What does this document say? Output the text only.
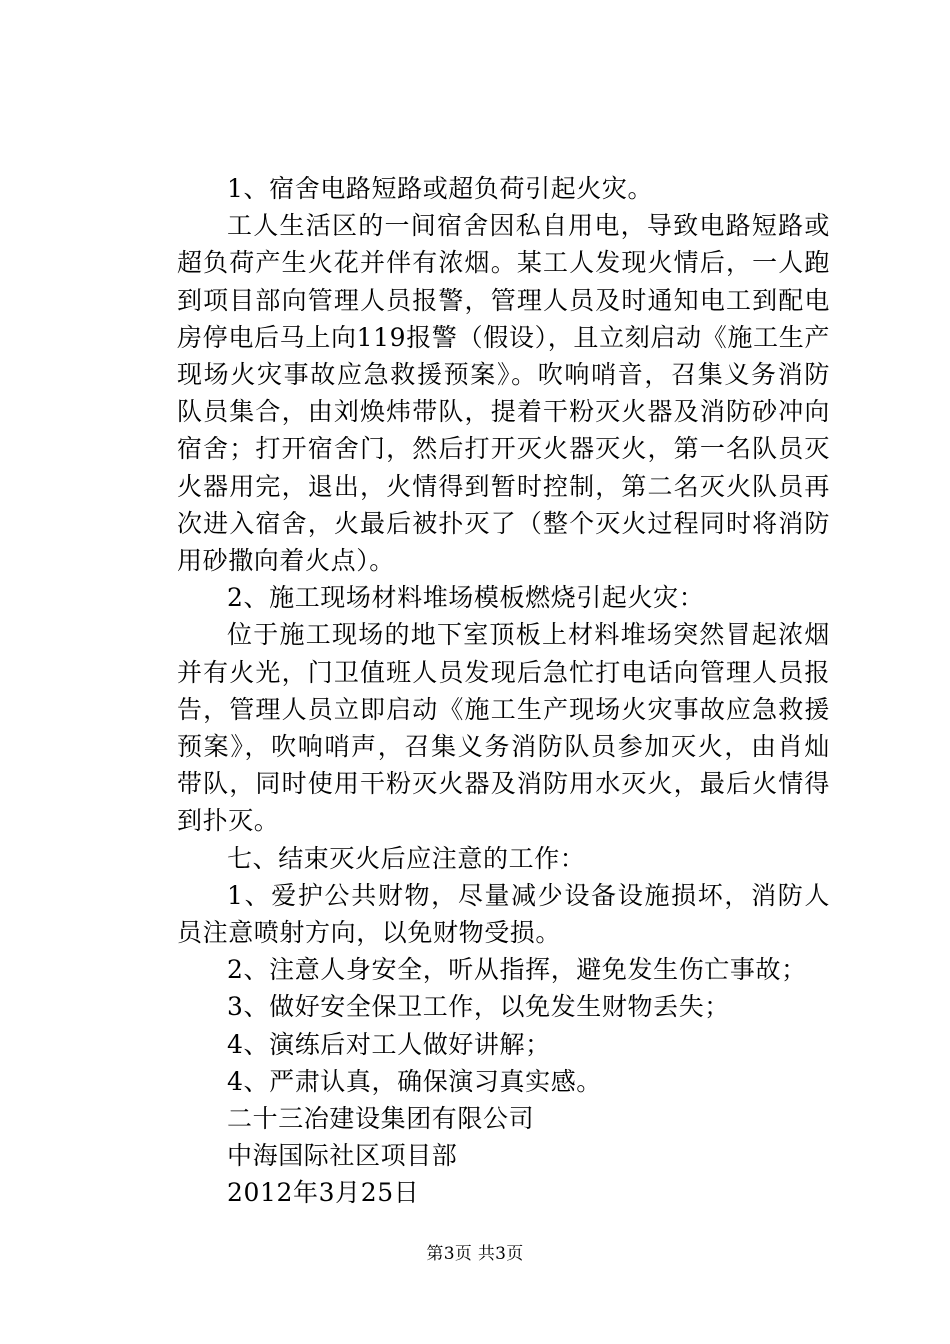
1、宿舍电路短路或超负荷引起火灾。

工人生活区的一间宿舍因私自用电，导致电路短路或超负荷产生火花并伴有浓烟。某工人发现火情后，一人跑到项目部向管理人员报警，管理人员及时通知电工到配电房停电后马上向119报警（假设），且立刻启动《施工生产现场火灾事故应急救援预案》。吹响哨音，召集义务消防队员集合，由刘焕炜带队，提着干粉灭火器及消防砂冲向宿舍；打开宿舍门，然后打开灭火器灭火，第一名队员灭火器用完，退出，火情得到暂时控制，第二名灭火队员再次进入宿舍，火最后被扑灭了（整个灭火过程同时将消防用砂撒向着火点）。

2、施工现场材料堆场模板燃烧引起火灾：

位于施工现场的地下室顶板上材料堆场突然冒起浓烟并有火光，门卫值班人员发现后急忙打电话向管理人员报告，管理人员立即启动《施工生产现场火灾事故应急救援预案》，吹响哨声，召集义务消防队员参加灭火，由肖灿带队，同时使用干粉灭火器及消防用水灭火，最后火情得到扑灭。

七、结束灭火后应注意的工作：

1、爱护公共财物，尽量减少设备设施损坏，消防人员注意喷射方向，以免财物受损。

2、注意人身安全，听从指挥，避免发生伤亡事故；

3、做好安全保卫工作，以免发生财物丢失；

4、演练后对工人做好讲解；

4、严肃认真，确保演习真实感。

二十三冶建设集团有限公司

中海国际社区项目部

2012年3月25日

第3页 共3页
